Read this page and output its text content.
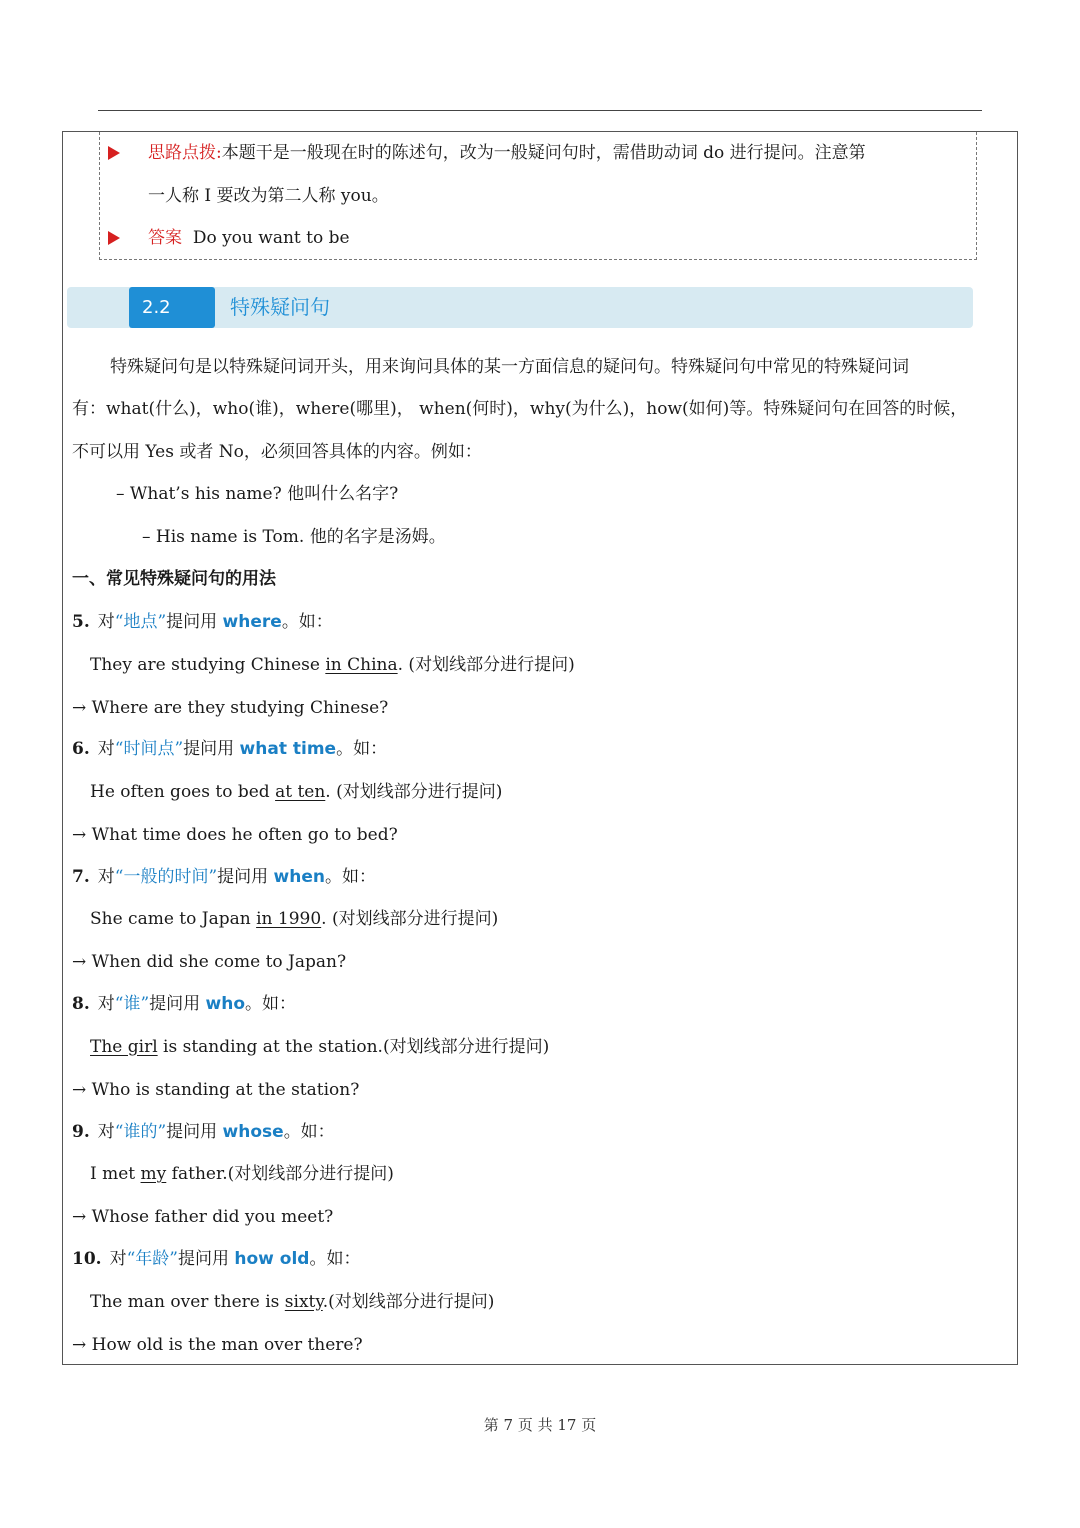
思路点拨:本题干是一般现在时的陈述句，改为一般疑问句时，需借助动词 do 进行提问。注意第
一人称 I 要改为第二人称 you。
答案 Do you want to be
2.2	特殊疑问句
特殊疑问句是以特殊疑问词开头，用来询问具体的某一方面信息的疑问句。特殊疑问句中常见的特殊疑问词
有：what(什么)，who(谁)，where(哪里)， when(何时)，why(为什么)，how(如何)等。特殊疑问句在回答的时候，
不可以用 Yes 或者 No，必须回答具体的内容。例如：
– What’s his name? 他叫什么名字?
– His name is Tom. 他的名字是汤姆。
一、常见特殊疑问句的用法
5. 对“地点”提问用 where。如：
They are studying Chinese in China. (对划线部分进行提问)
→ Where are they studying Chinese?
6. 对“时间点”提问用 what time。如：
He often goes to bed at ten. (对划线部分进行提问)
→ What time does he often go to bed?
7. 对“一般的时间”提问用 when。如：
She came to Japan in 1990. (对划线部分进行提问)
→ When did she come to Japan?
8. 对“谁”提问用 who。如：
The girl is standing at the station.(对划线部分进行提问)
→ Who is standing at the station?
9. 对“谁的”提问用 whose。如：
I met my father.(对划线部分进行提问)
→ Whose father did you meet?
10. 对“年龄”提问用 how old。如：
The man over there is sixty.(对划线部分进行提问)
→ How old is the man over there?
第 7 页 共 17 页
